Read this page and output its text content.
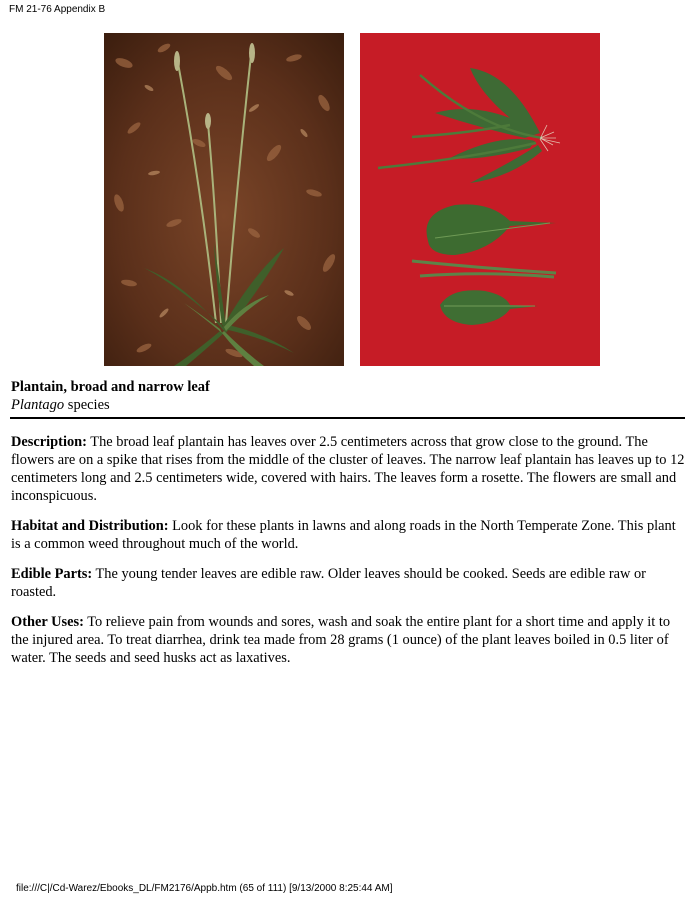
FM 21-76 Appendix B
Plantain, broad and narrow leaf
Plantago species

Description: The broad leaf plantain has leaves over 2.5 centimeters across that grow close to the ground. The flowers are on a spike that rises from the middle of the cluster of leaves. The narrow leaf plantain has leaves up to 12 centimeters long and 2.5 centimeters wide, covered with hairs. The leaves form a rosette. The flowers are small and inconspicuous.

Habitat and Distribution: Look for these plants in lawns and along roads in the North Temperate Zone. This plant is a common weed throughout much of the world.

Edible Parts: The young tender leaves are edible raw. Older leaves should be cooked. Seeds are edible raw or roasted.

Other Uses: To relieve pain from wounds and sores, wash and soak the entire plant for a short time and apply it to the injured area. To treat diarrhea, drink tea made from 28 grams (1 ounce) of the plant leaves boiled in 0.5 liter of water. The seeds and seed husks act as laxatives.

file:///C|/Cd-Warez/Ebooks_DL/FM2176/Appb.htm (65 of 111) [9/13/2000 8:25:44 AM]
